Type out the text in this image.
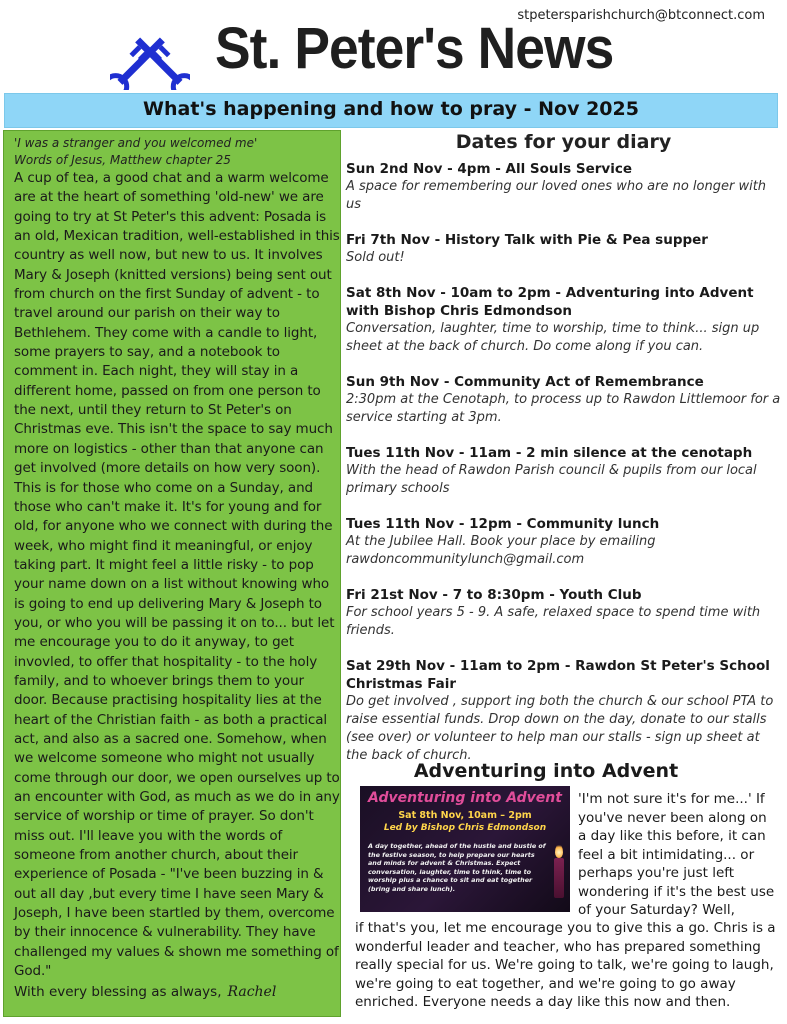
stpetersparishchurch@btconnect.com
St. Peter's News
What's happening and how to pray - Nov 2025
'I was a stranger and you welcomed me'
Words of Jesus, Matthew chapter 25
A cup of tea, a good chat and a warm welcome are at the heart of something 'old-new' we are going to try at St Peter's this advent: Posada is an old, Mexican tradition, well-established in this country as well now, but new to us. It involves Mary & Joseph (knitted versions) being sent out from church on the first Sunday of advent - to travel around our parish on their way to Bethlehem. They come with a candle to light, some prayers to say, and a notebook to comment in. Each night, they will stay in a different home, passed on from one person to the next, until they return to St Peter's on Christmas eve. This isn't the space to say much more on logistics - other than that anyone can get involved (more details on how very soon). This is for those who come on a Sunday, and those who can't make it. It's for young and for old, for anyone who we connect with during the week, who might find it meaningful, or enjoy taking part. It might feel a little risky - to pop your name down on a list without knowing who is going to end up delivering Mary & Joseph to you, or who you will be passing it on to... but let me encourage you to do it anyway, to get invovled, to offer that hospitality - to the holy family, and to whoever brings them to your door. Because practising hospitality lies at the heart of the Christian faith - as both a practical act, and also as a sacred one. Somehow, when we welcome someone who might not usually come through our door, we open ourselves up to an encounter with God, as much as we do in any service of worship or time of prayer. So don't miss out. I'll leave you with the words of someone from another church, about their experience of Posada - "I've been buzzing in & out all day ,but every time I have seen Mary & Joseph, I have been startled by them, overcome by their innocence & vulnerability. They have challenged my values & shown me something of God."
With every blessing as always, Rachel
Dates for your diary
Sun 2nd Nov - 4pm - All Souls Service
A space for remembering our loved ones who are no longer with us
Fri 7th Nov - History Talk with Pie & Pea supper
Sold out!
Sat 8th Nov - 10am to 2pm - Adventuring into Advent with Bishop Chris Edmondson
Conversation, laughter, time to worship, time to think... sign up sheet at the back of church. Do come along if you can.
Sun 9th Nov - Community Act of Remembrance
2:30pm at the Cenotaph, to process up to Rawdon Littlemoor for a service starting at 3pm.
Tues 11th Nov - 11am - 2 min silence at the cenotaph
With the head of Rawdon Parish council & pupils from our local primary schools
Tues 11th Nov - 12pm - Community lunch
At the Jubilee Hall. Book your place by emailing rawdoncommunitylunch@gmail.com
Fri 21st Nov - 7 to 8:30pm - Youth Club
For school years 5 - 9. A safe, relaxed space to spend time with friends.
Sat 29th Nov - 11am to 2pm - Rawdon St Peter's School Christmas Fair
Do get involved , support ing both the church & our school PTA to raise essential funds. Drop down on the day, donate to our stalls (see over) or volunteer to help man our stalls - sign up sheet at the back of church.
Adventuring into Advent
Adventuring into Advent
Sat 8th Nov, 10am – 2pm
Led by Bishop Chris Edmondson
A day together, ahead of the hustle and bustle of the festive season, to help prepare our hearts and minds for advent & Christmas. Expect conversation, laughter, time to think, time to worship plus a chance to sit and eat together (bring and share lunch).
'I'm not sure it's for me...' If you've never been along on a day like this before, it can feel a bit intimidating... or perhaps you're just left wondering if it's the best use of your Saturday? Well,
if that's you, let me encourage you to give this a go. Chris is a wonderful leader and teacher, who has prepared something really special for us. We're going to talk, we're going to laugh, we're going to eat together, and we're going to go away enriched. Everyone needs a day like this now and then.
